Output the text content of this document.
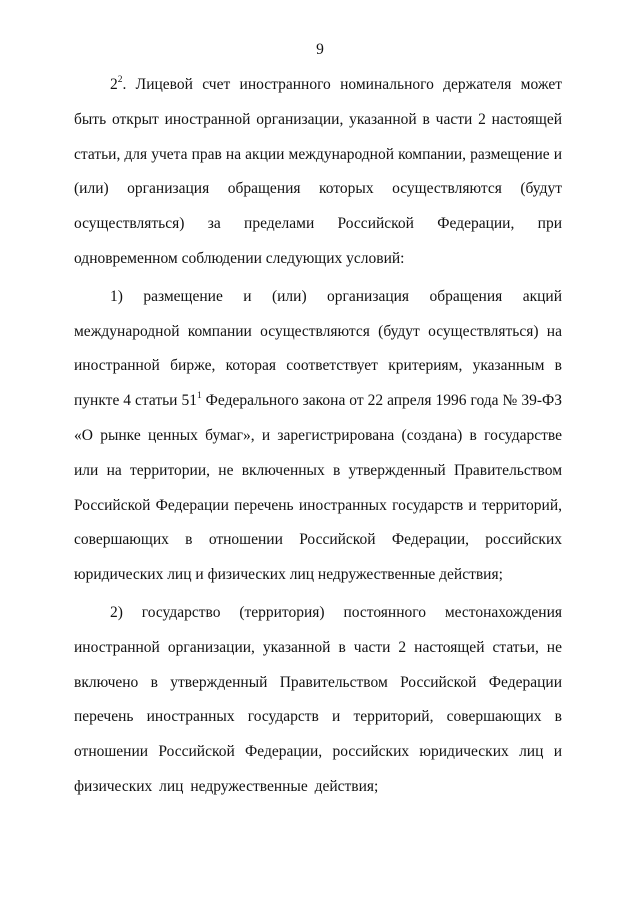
9

$2^2$. Лицевой счет иностранного номинального держателя может быть открыт иностранной организации, указанной в части 2 настоящей статьи, для учета прав на акции международной компании, размещение и (или) организация обращения которых осуществляются (будут осуществляться) за пределами Российской Федерации, при одновременном соблюдении следующих условий:

1) размещение и (или) организация обращения акций международной компании осуществляются (будут осуществляться) на иностранной бирже, которая соответствует критериям, указанным в пункте 4 статьи $51^1$ Федерального закона от 22 апреля 1996 года № 39-ФЗ «О рынке ценных бумаг», и зарегистрирована (создана) в государстве или на территории, не включенных в утвержденный Правительством Российской Федерации перечень иностранных государств и территорий, совершающих в отношении Российской Федерации, российских юридических лиц и физических лиц недружественные действия;

2) государство (территория) постоянного местонахождения иностранной организации, указанной в части 2 настоящей статьи, не включено в утвержденный Правительством Российской Федерации перечень иностранных государств и территорий, совершающих в отношении Российской Федерации, российских юридических лиц и физических лиц недружественные действия;
